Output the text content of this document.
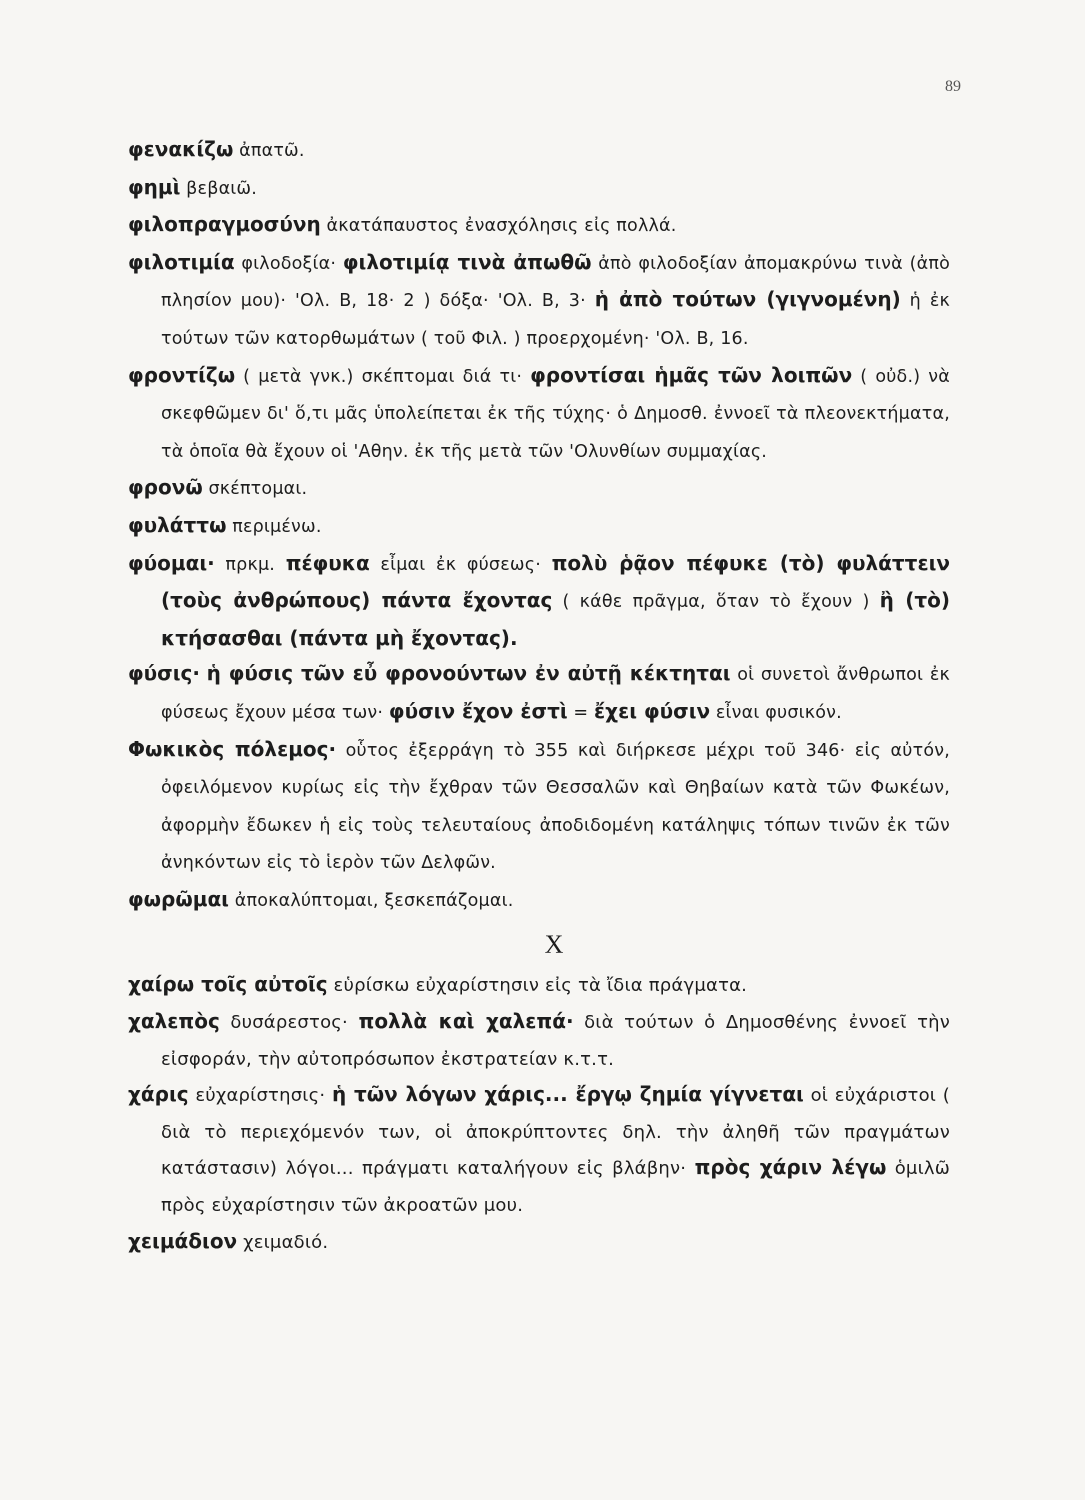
89
φενακίζω ἀπατῶ.
φημὶ βεβαιῶ.
φιλοπραγμοσύνη ἀκατάπαυστος ἐνασχόλησις εἰς πολλά.
φιλοτιμία φιλοδοξία· φιλοτιμίᾳ τινὰ ἀπωθῶ ἀπὸ φιλοδοξίαν ἀπομακρύνω τινὰ (ἀπὸ πλησίον μου)· 'Ολ. Β, 18· 2 ) δόξα· 'Ολ. Β, 3· ἡ ἀπὸ τούτων (γιγνομένη) ἡ ἐκ τούτων τῶν κατορθωμάτων ( τοῦ Φιλ. ) προερχομένη· 'Ολ. Β, 16.
φροντίζω ( μετὰ γνκ.) σκέπτομαι διά τι· φροντίσαι ἡμᾶς τῶν λοιπῶν ( οὐδ.) νὰ σκεφθῶμεν δι' ὅ,τι μᾶς ὑπολείπεται ἐκ τῆς τύχης· ὁ Δημοσθ. ἐννοεῖ τὰ πλεονεκτήματα, τὰ ὁποῖα θὰ ἔχουν οἱ 'Αθην. ἐκ τῆς μετὰ τῶν 'Ολυνθίων συμμαχίας.
φρονῶ σκέπτομαι.
φυλάττω περιμένω.
φύομαι· πρκμ. πέφυκα εἶμαι ἐκ φύσεως· πολὺ ῥᾷον πέφυκε (τὸ) φυλάττειν (τοὺς ἀνθρώπους) πάντα ἔχοντας ( κάθε πρᾶγμα, ὅταν τὸ ἔχουν ) ἢ (τὸ) κτήσασθαι (πάντα μὴ ἔχοντας).
φύσις· ἡ φύσις τῶν εὖ φρονούντων ἐν αὐτῇ κέκτηται οἱ συνετοὶ ἄνθρωποι ἐκ φύσεως ἔχουν μέσα των· φύσιν ἔχον ἐστὶ = ἔχει φύσιν εἶναι φυσικόν.
Φωκικὸς πόλεμος· οὗτος ἐξερράγη τὸ 355 καὶ διήρκεσε μέχρι τοῦ 346· εἰς αὐτόν, ὀφειλόμενον κυρίως εἰς τὴν ἔχθραν τῶν Θεσσαλῶν καὶ Θηβαίων κατὰ τῶν Φωκέων, ἀφορμὴν ἔδωκεν ἡ εἰς τοὺς τελευταίους ἀποδιδομένη κατάληψις τόπων τινῶν ἐκ τῶν ἀνηκόντων εἰς τὸ ἱερὸν τῶν Δελφῶν.
φωρῶμαι ἀποκαλύπτομαι, ξεσκεπάζομαι.
Χ
χαίρω τοῖς αὐτοῖς εὑρίσκω εὐχαρίστησιν εἰς τὰ ἴδια πράγματα.
χαλεπὸς δυσάρεστος· πολλὰ καὶ χαλεπά· διὰ τούτων ὁ Δημοσθένης ἐννοεῖ τὴν εἰσφοράν, τὴν αὐτοπρόσωπον ἐκστρατείαν κ.τ.τ.
χάρις εὐχαρίστησις· ἡ τῶν λόγων χάρις... ἔργῳ ζημία γίγνεται οἱ εὐχάριστοι ( διὰ τὸ περιεχόμενόν των, οἱ ἀποκρύπτοντες δηλ. τὴν ἀληθῆ τῶν πραγμάτων κατάστασιν) λόγοι... πράγματι καταλήγουν εἰς βλάβην· πρὸς χάριν λέγω ὁμιλῶ πρὸς εὐχαρίστησιν τῶν ἀκροατῶν μου.
χειμάδιον χειμαδιό.
